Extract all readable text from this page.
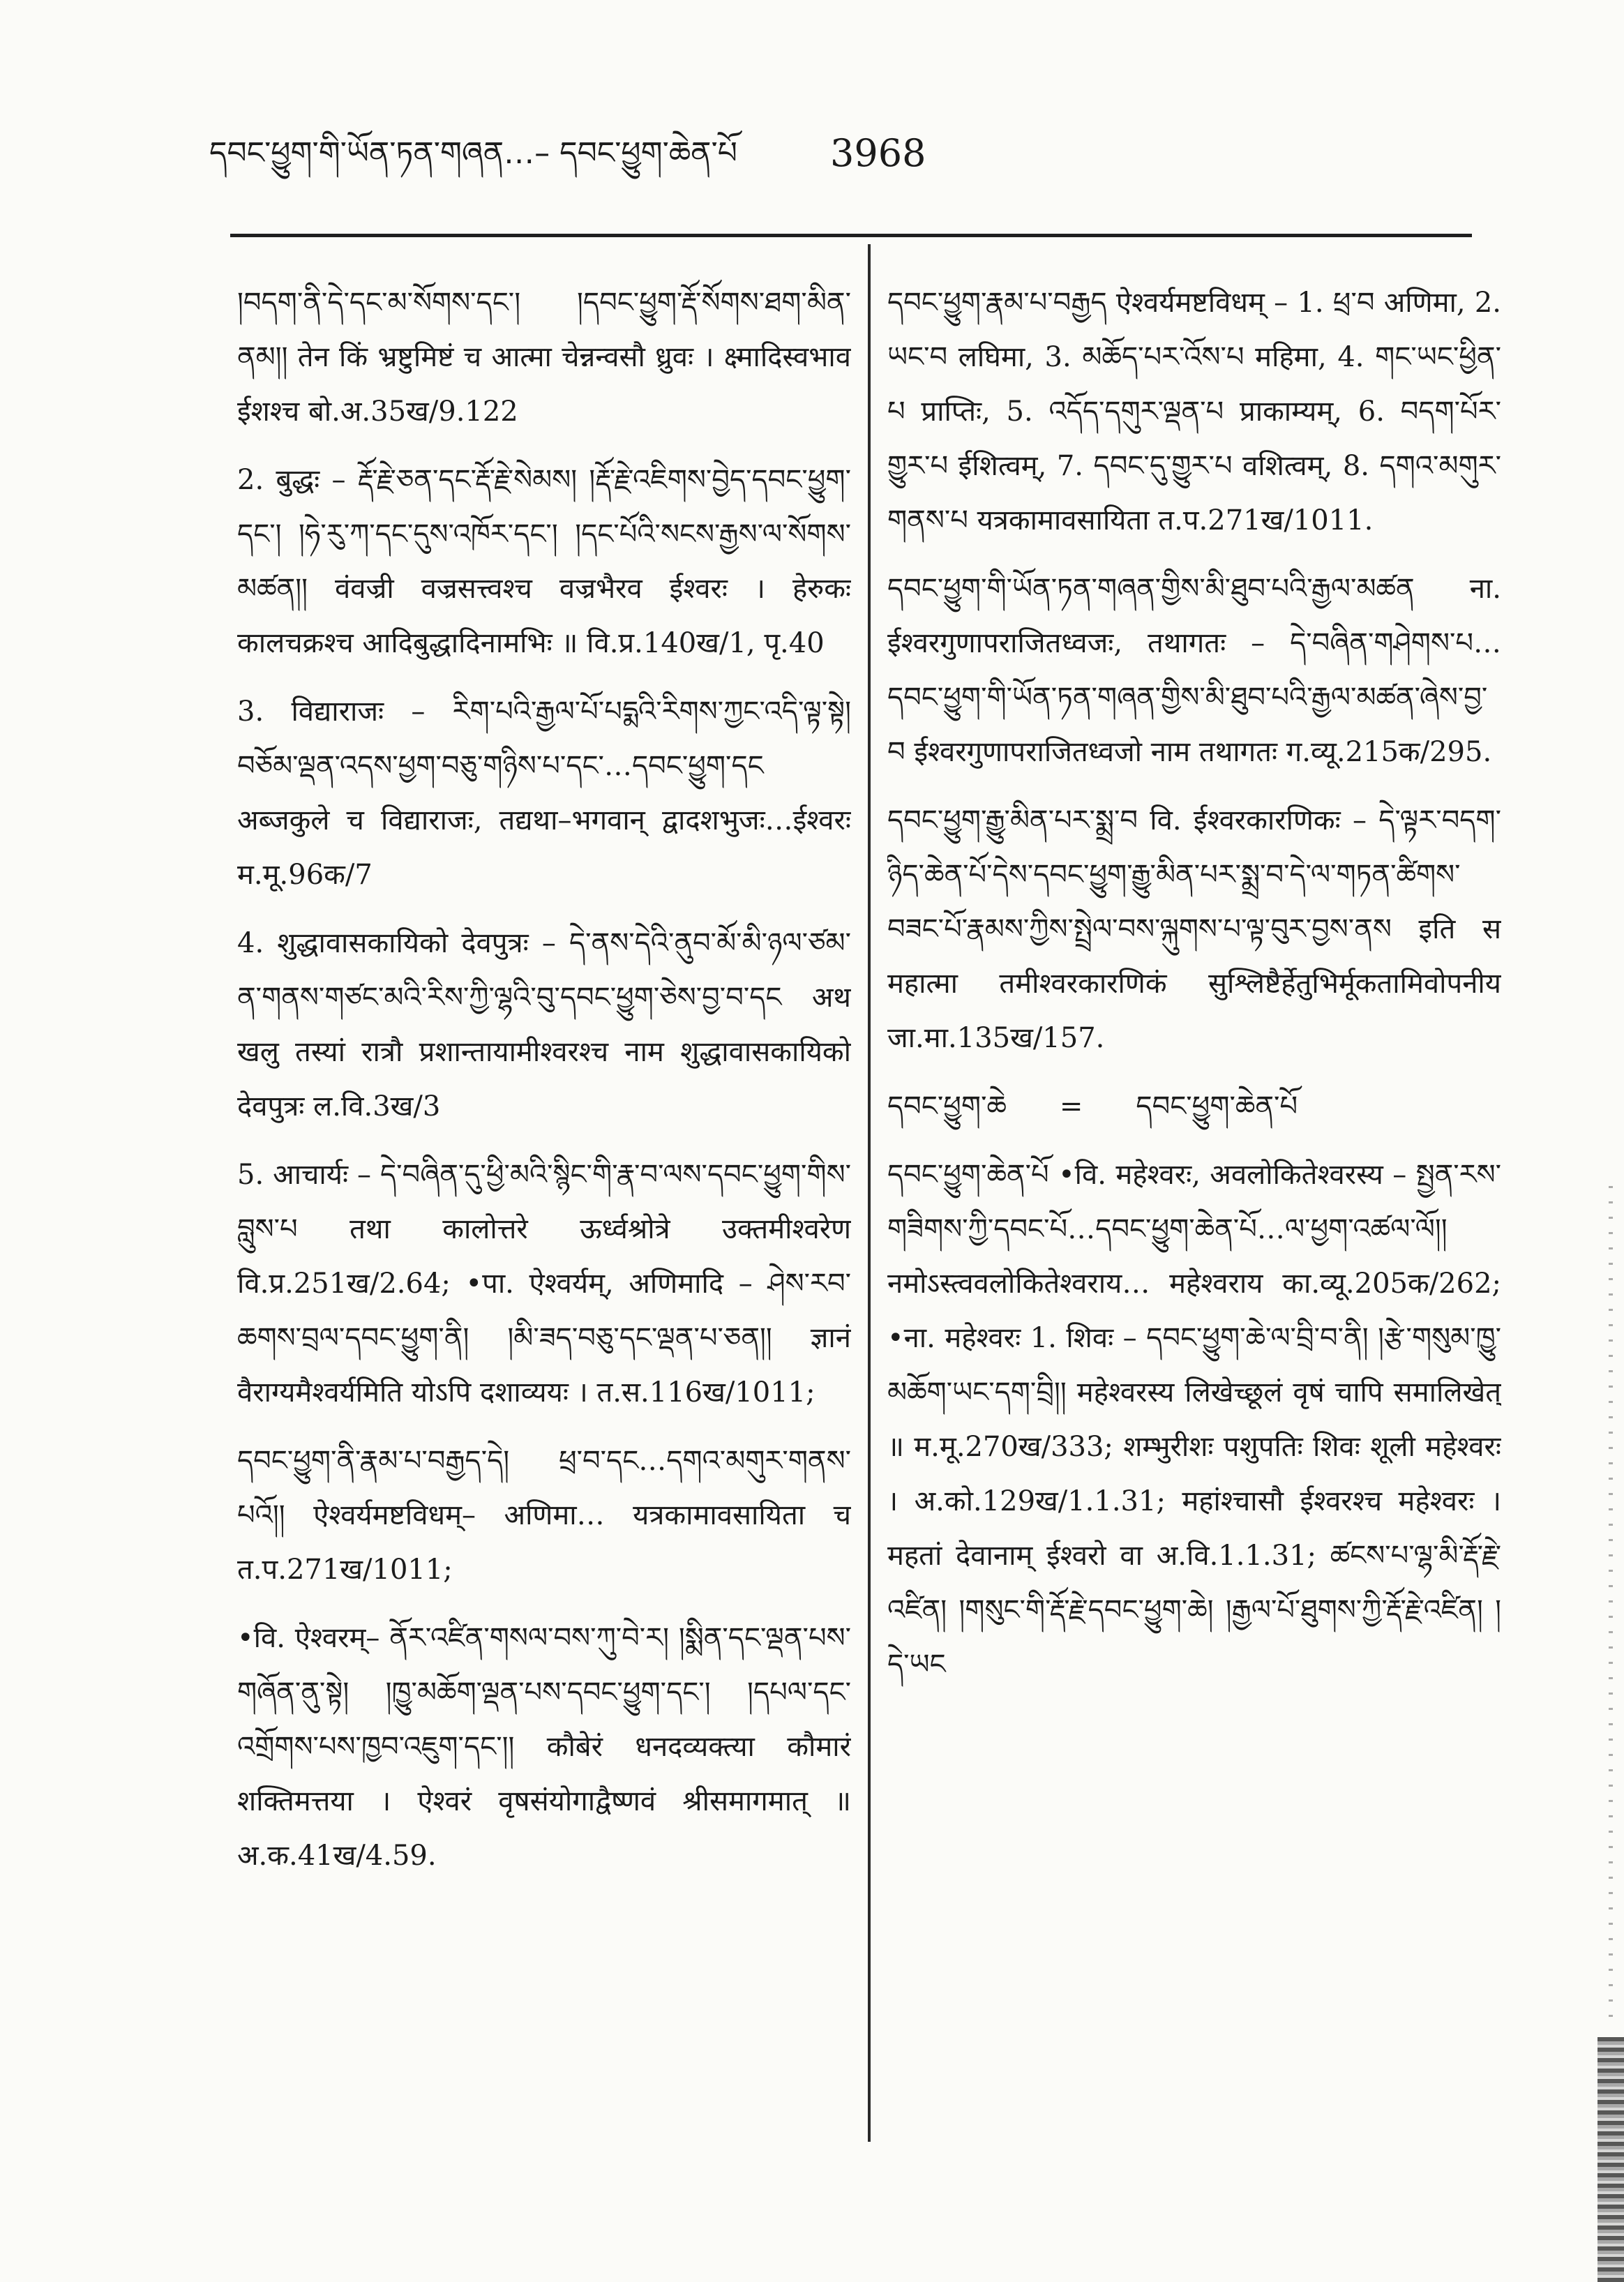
དབང་ཕྱུག་གི་ཡོན་ཏན་གཞན…– དབང་ཕྱུག་ཆེན་པོ 3968

།བདག་ནི་དེ་དང་མ་སོགས་དང་། །དབང་ཕྱུག་རྡོ་སོགས་ཐག་མིན་ནམ།། तेन किं भ्रष्टुमिष्टं च आत्मा चेन्नन्वसौ ध्रुवः । क्ष्मादिस्वभाव ईशश्च बो.अ.35ख/9.122

2. बुद्धः – རྡོ་རྗེ་ཅན་དང་རྡོ་རྗེ་སེམས། །རྡོ་རྗེ་འཇིགས་བྱེད་དབང་ཕྱུག་དང་། །ཧེ་རུ་ཀ་དང་དུས་འཁོར་དང་། །དང་པོའི་སངས་རྒྱས་ལ་སོགས་མཚན།། वंवज्री वज्रसत्त्वश्च वज्रभैरव ईश्वरः । हेरुकः कालचक्रश्च आदिबुद्धादिनामभिः ॥ वि.प्र.140ख/1, पृ.40

3. विद्याराजः – རིག་པའི་རྒྱལ་པོ་པདྨའི་རིགས་ཀྱང་འདི་ལྟ་སྟེ། བཅོམ་ལྡན་འདས་ཕྱག་བཅུ་གཉིས་པ་དང་…དབང་ཕྱུག་དང अब्जकुले च विद्याराजः, तद्यथा–भगवान् द्वादशभुजः…ईश्वरः म.मू.96क/7

4. शुद्धावासकायिको देवपुत्रः – དེ་ནས་དེའི་ནུབ་མོ་མི་ཉལ་ཙམ་ན་གནས་གཙང་མའི་རིས་ཀྱི་ལྷའི་བུ་དབང་ཕྱུག་ཅེས་བྱ་བ་དང अथ खलु तस्यां रात्रौ प्रशान्तायामीश्वरश्च नाम शुद्धावासकायिको देवपुत्रः ल.वि.3ख/3

5. आचार्यः – དེ་བཞིན་དུ་ཕྱི་མའི་སྙིང་གི་རྣ་བ་ལས་དབང་ཕྱུག་གིས་བླུས་པ तथा कालोत्तरे ऊर्ध्वश्रोत्रे उक्तमीश्वरेण वि.प्र.251ख/2.64; •पा. ऐश्वर्यम्, अणिमादि – ཤེས་རབ་ཆགས་བྲལ་དབང་ཕྱུག་ནི། །མི་ཟད་བཅུ་དང་ལྡན་པ་ཅན།། ज्ञानं वैराग्यमैश्वर्यमिति योऽपि दशाव्ययः । त.स.116ख/1011;

དབང་ཕྱུག་ནི་རྣམ་པ་བརྒྱད་དེ། ཕྲ་བ་དང…དགའ་མགུར་གནས་པའོ།། ऐश्वर्यमष्टविधम्– अणिमा… यत्रकामावसायिता च त.प.271ख/1011;

•वि. ऐश्वरम्– ནོར་འཛིན་གསལ་བས་ཀུ་བེ་ར། །སྨིན་དང་ལྡན་པས་གཞོན་ནུ་སྟེ། །ཁྱུ་མཆོག་ལྡན་པས་དབང་ཕྱུག་དང་། །དཔལ་དང་འགྲོགས་པས་ཁྱབ་འཇུག་དང་།། कौबेरं धनदव्यक्त्या कौमारं शक्तिमत्तया । ऐश्वरं वृषसंयोगाद्वैष्णवं श्रीसमागमात् ॥ अ.क.41ख/4.59.

དབང་ཕྱུག་རྣམ་པ་བརྒྱད ऐश्वर्यमष्टविधम् – 1. ཕྲ་བ अणिमा, 2. ཡང་བ लघिमा, 3. མཆོད་པར་འོས་པ महिमा, 4. གང་ཡང་ཕྱིན་པ प्राप्तिः, 5. འདོད་དགུར་ལྡན་པ प्राकाम्यम्, 6. བདག་པོར་གྱུར་པ ईशित्वम्, 7. དབང་དུ་གྱུར་པ वशित्वम्, 8. དགའ་མགུར་གནས་པ यत्रकामावसायिता त.प.271ख/1011.

དབང་ཕྱུག་གི་ཡོན་ཏན་གཞན་གྱིས་མི་ཐུབ་པའི་རྒྱལ་མཚན ना. ईश्वरगुणापराजितध्वजः, तथागतः – དེ་བཞིན་གཤེགས་པ…དབང་ཕྱུག་གི་ཡོན་ཏན་གཞན་གྱིས་མི་ཐུབ་པའི་རྒྱལ་མཚན་ཞེས་བྱ་བ ईश्वरगुणापराजितध्वजो नाम तथागतः ग.व्यू.215क/295.

དབང་ཕྱུག་རྒྱུ་མིན་པར་སྨྲ་བ वि. ईश्वरकारणिकः – དེ་ལྟར་བདག་ཉིད་ཆེན་པོ་དེས་དབང་ཕྱུག་རྒྱུ་མིན་པར་སྨྲ་བ་དེ་ལ་གཏན་ཚིགས་བཟང་པོ་རྣམས་ཀྱིས་སྤྲེལ་བས་ལྐུགས་པ་ལྟ་བུར་བྱས་ནས इति स महात्मा तमीश्वरकारणिकं सुश्लिष्टैर्हेतुभिर्मूकतामिवोपनीय जा.मा.135ख/157.

དབང་ཕྱུག་ཆེ = དབང་ཕྱུག་ཆེན་པོ

དབང་ཕྱུག་ཆེན་པོ •वि. महेश्वरः, अवलोकितेश्वरस्य – སྤྱན་རས་གཟིགས་ཀྱི་དབང་པོ…དབང་ཕྱུག་ཆེན་པོ…ལ་ཕྱག་འཚལ་ལོ།། नमोऽस्त्ववलोकितेश्वराय… महेश्वराय का.व्यू.205क/262; •ना. महेश्वरः 1. शिवः – དབང་ཕྱུག་ཆེ་ལ་བྲི་བ་ནི། །རྩེ་གསུམ་ཁྱུ་མཆོག་ཡང་དག་བྲི།། महेश्वरस्य लिखेच्छूलं वृषं चापि समालिखेत् ॥ म.मू.270ख/333; शम्भुरीशः पशुपतिः शिवः शूली महेश्वरः । अ.को.129ख/1.1.31; महांश्चासौ ईश्वरश्च महेश्वरः । महतां देवानाम् ईश्वरो वा अ.वि.1.1.31; ཚངས་པ་ལྷ་མི་རྡོ་རྗེ་འཛིན། །གསུང་གི་རྡོ་རྗེ་དབང་ཕྱུག་ཆེ། །རྒྱལ་པོ་ཐུགས་ཀྱི་རྡོ་རྗེ་འཛིན། །དེ་ཡང
